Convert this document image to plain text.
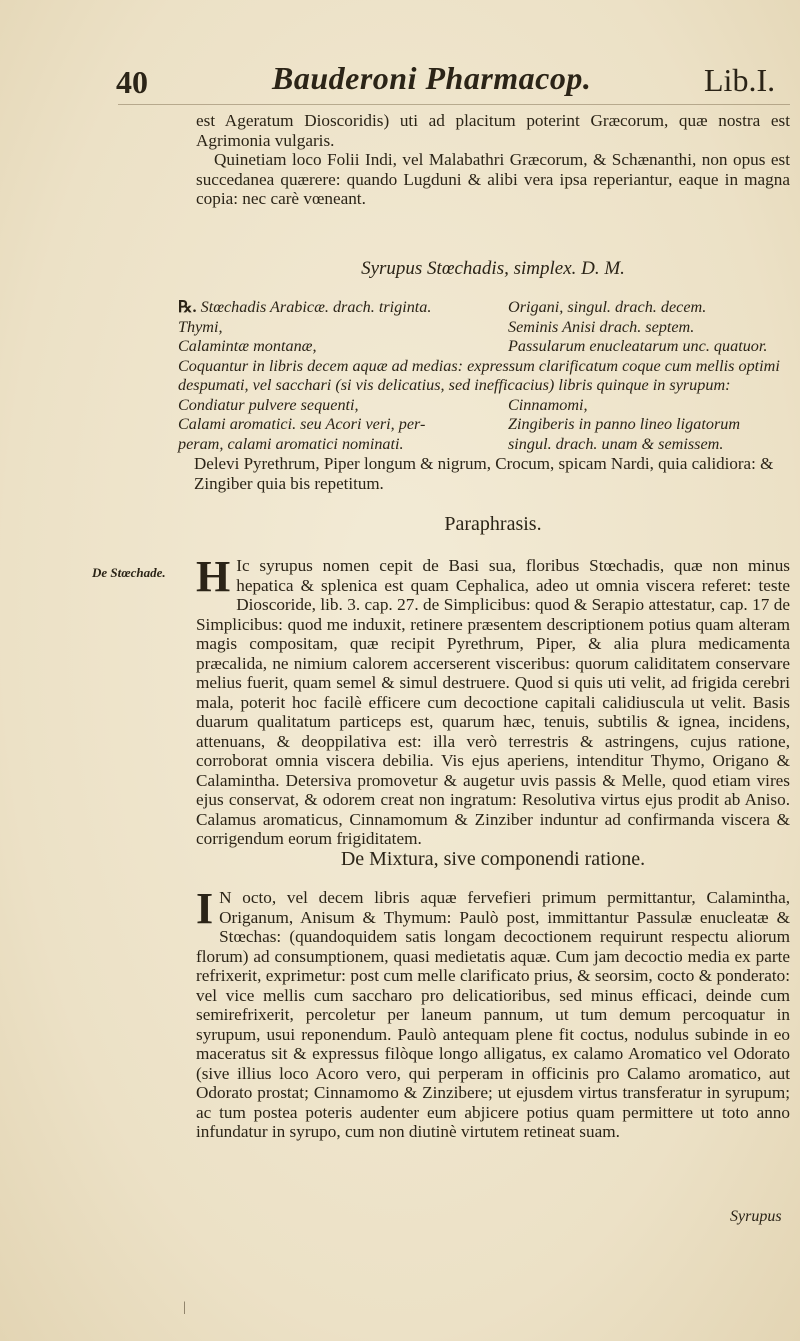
40	Bauderoni Pharmacop.	Lib.I.

est Ageratum Dioscoridis) uti ad placitum poterint Græcorum, quæ nostra est Agrimonia vulgaris.

Quinetiam loco Folii Indi, vel Malabathri Græcorum, & Schænanthi, non opus est succedanea quærere: quando Lugduni & alibi vera ipsa reperiantur, eaque in magna copia: nec carè vœneant.

Syrupus Stœchadis, simplex. D. M.
℞. Stœchadis Arabicæ. drach. triginta.	Origani, singul. drach. decem.
Thymi,	Seminis Anisi drach. septem.
Calamintæ montanæ,	Passularum enucleatarum unc. quatuor.
Coquantur in libris decem aquæ ad medias: expressum clarificatum coque cum mellis optimi despumati, vel sacchari (si vis delicatius, sed inefficacius) libris quinque in syrupum:
Condiatur pulvere sequenti,	Cinnamomi,
Calami aromatici. seu Acori veri, per-	Zingiberis in panno lineo ligatorum
peram, calami aromatici nominati.	singul. drach. unam & semissem.
Delevi Pyrethrum, Piper longum & nigrum, Crocum, spicam Nardi, quia calidiora: & Zingiber quia bis repetitum.
Paraphrasis.
De Stœchade. H Ic syrupus nomen cepit de Basi sua, floribus Stœchadis, quæ non minus hepatica & splenica est quam Cephalica, adeo ut omnia viscera referet: teste Dioscoride, lib. 3. cap. 27. de Simplicibus: quod & Serapio attestatur, cap. 17 de Simplicibus: quod me induxit, retinere præsentem descriptionem potius quam alteram magis compositam, quæ recipit Pyrethrum, Piper, & alia plura medicamenta præcalida, ne nimium calorem accerserent visceribus: quorum caliditatem conservare melius fuerit, quam semel & simul destruere. Quod si quis uti velit, ad frigida cerebri mala, poterit hoc facilè efficere cum decoctione capitali calidiuscula ut velit. Basis duarum qualitatum particeps est, quarum hæc, tenuis, subtilis & ignea, incidens, attenuans, & deoppilativa est: illa verò terrestris & astringens, cujus ratione, corroborat omnia viscera debilia. Vis ejus aperiens, intenditur Thymo, Origano & Calamintha. Detersiva promovetur & augetur uvis passis & Melle, quod etiam vires ejus conservat, & odorem creat non ingratum: Resolutiva virtus ejus prodit ab Aniso. Calamus aromaticus, Cinnamomum & Zinziber induntur ad confirmanda viscera & corrigendum eorum frigiditatem.

De Mixtura, sive componendi ratione.
I N octo, vel decem libris aquæ fervefieri primum permittantur, Calamintha, Origanum, Anisum & Thymum: Paulò post, immittantur Passulæ enucleatæ & Stœchas: (quandoquidem satis longam decoctionem requirunt respectu aliorum florum) ad consumptionem, quasi medietatis aquæ. Cum jam decoctio media ex parte refrixerit, exprimetur: post cum melle clarificato prius, & seorsim, cocto & ponderato: vel vice mellis cum saccharo pro delicatioribus, sed minus efficaci, deinde cum semirefrixerit, percoletur per laneum pannum, ut tum demum percoquatur in syrupum, usui reponendum. Paulò antequam plene fit coctus, nodulus subinde in eo maceratus sit & expressus filòque longo alligatus, ex calamo Aromatico vel Odorato (sive illius loco Acoro vero, qui perperam in officinis pro Calamo aromatico, aut Odorato prostat; Cinnamomo & Zinzibere; ut ejusdem virtus transferatur in syrupum; ac tum postea poteris audenter eum abjicere potius quam permittere ut toto anno infundatur in syrupo, cum non diutinè virtutem retineat suam.

Syrupus
|
